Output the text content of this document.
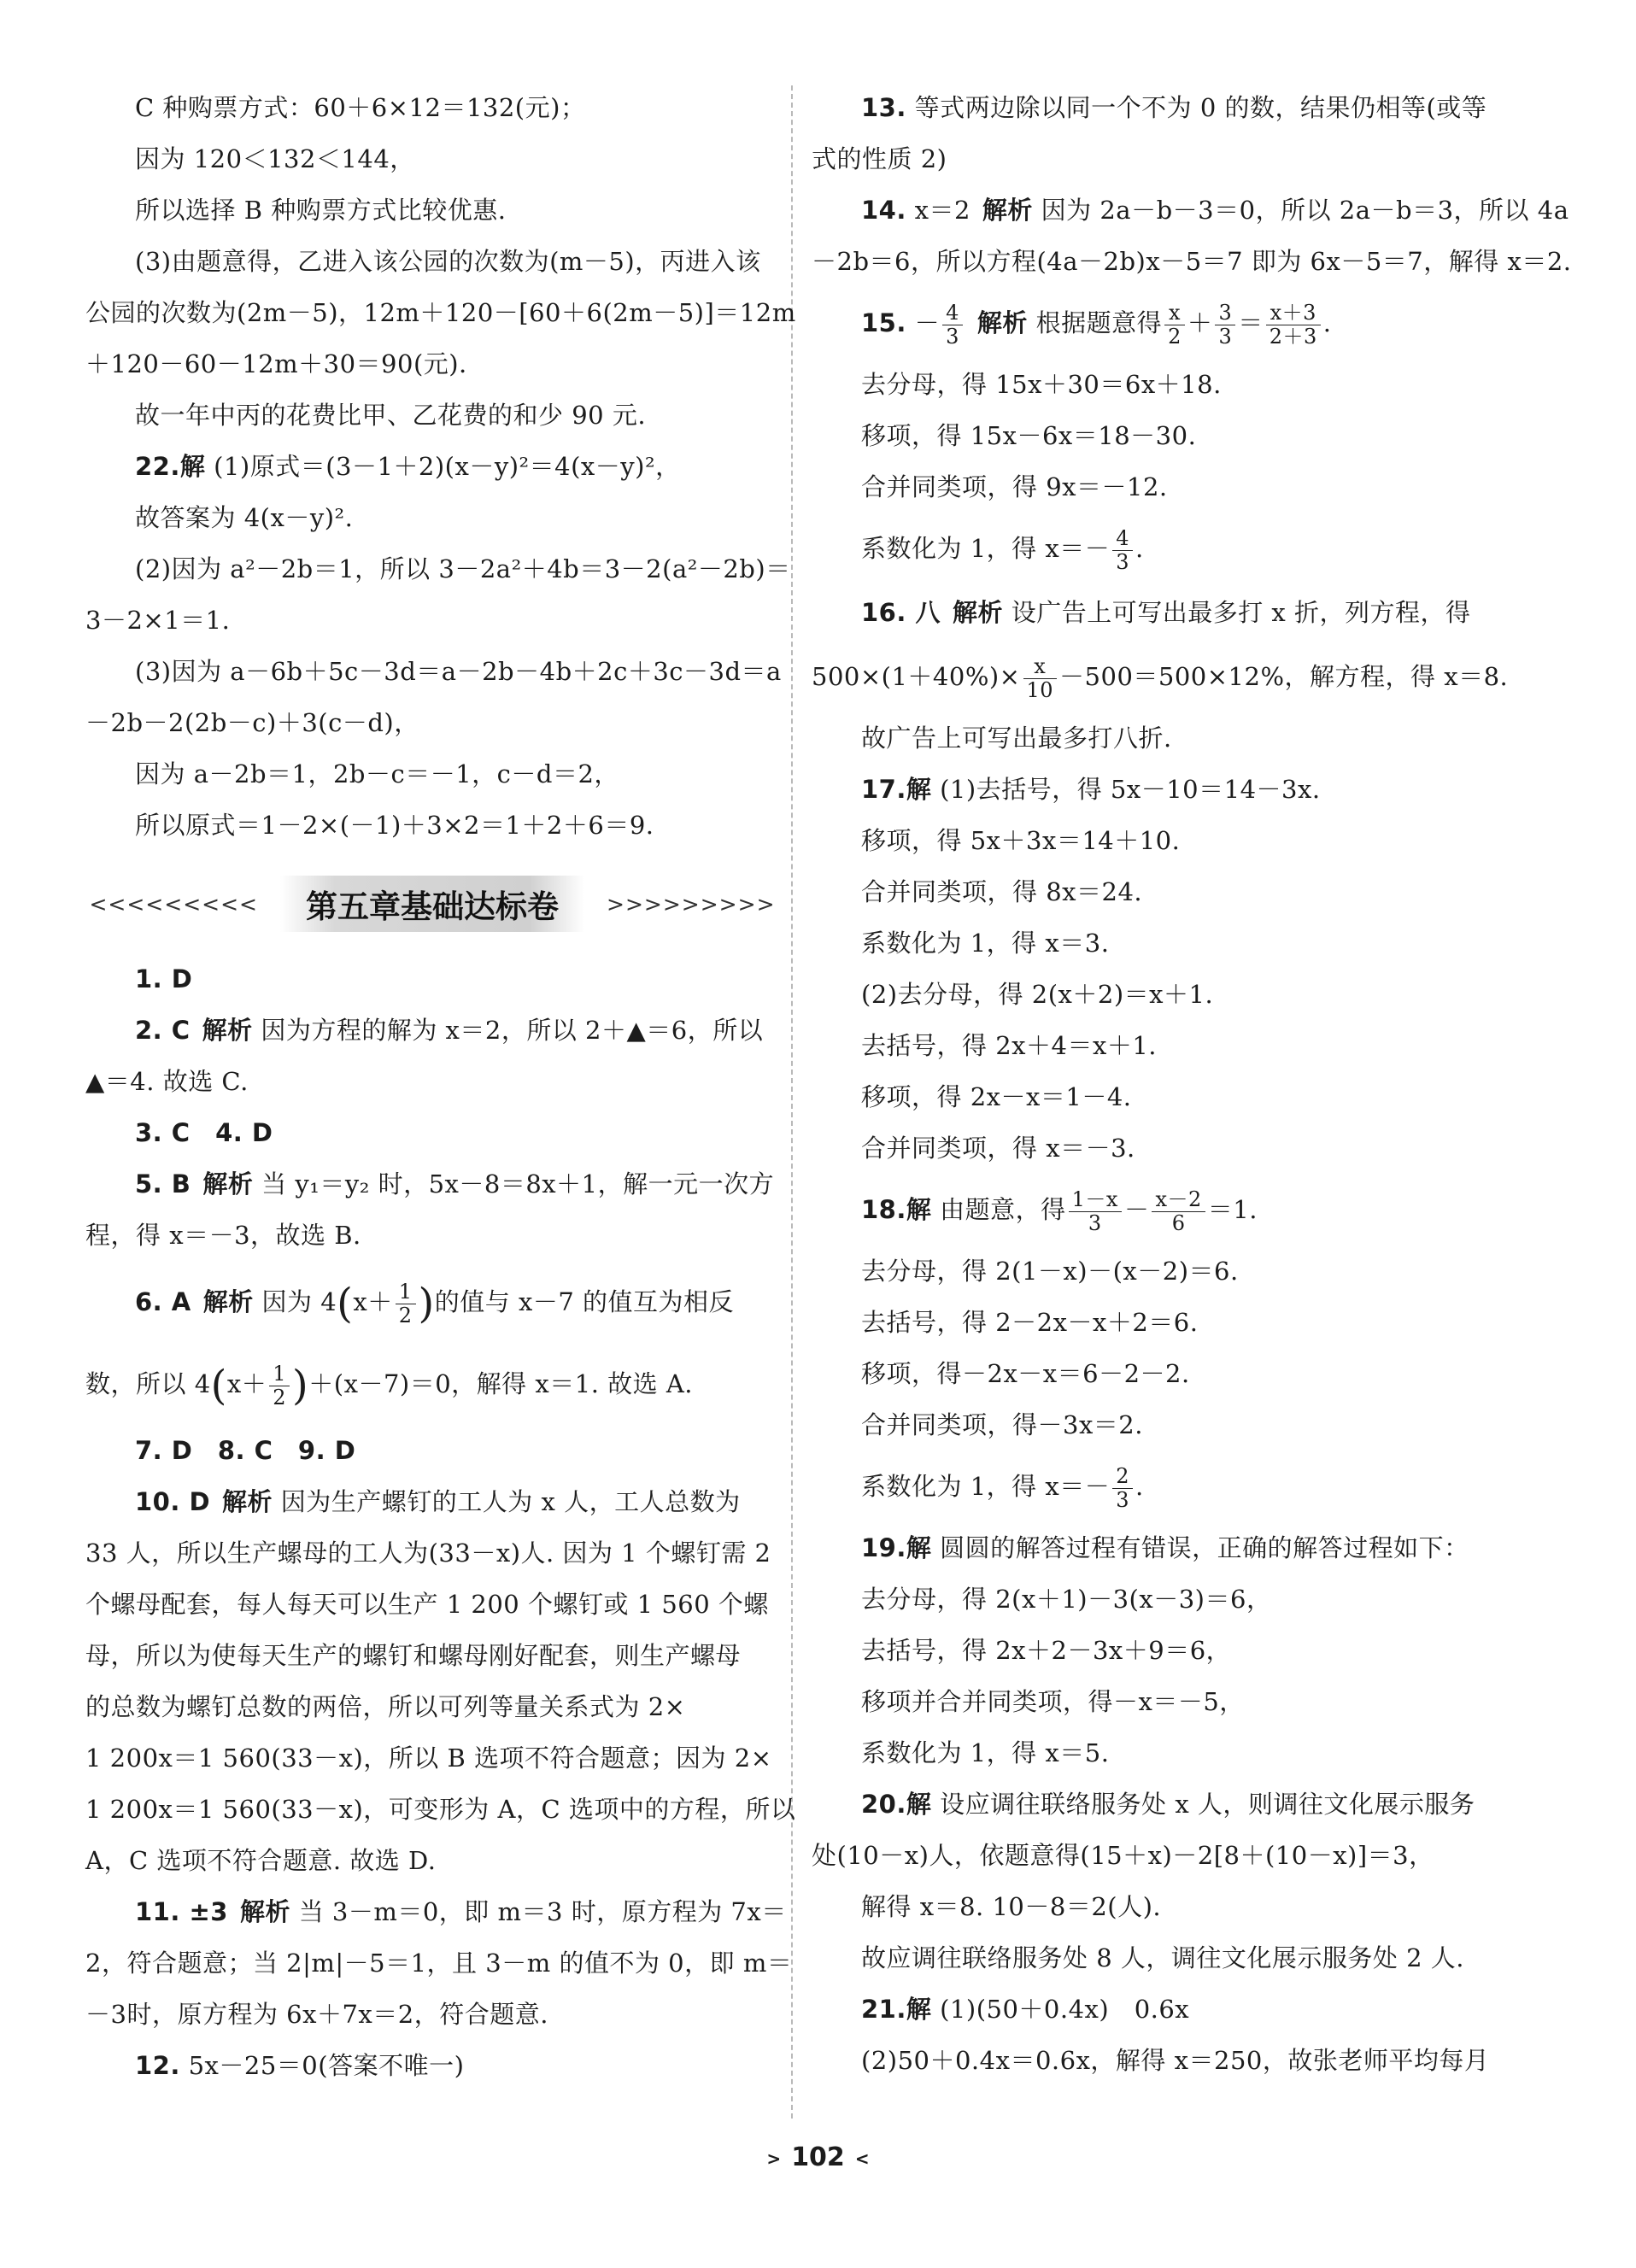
C 种购票方式：60＋6×12＝132(元)；

因为 120＜132＜144，

所以选择 B 种购票方式比较优惠.

(3)由题意得，乙进入该公园的次数为(m－5)，丙进入该

公园的次数为(2m－5)，12m＋120－[60＋6(2m－5)]＝12m

＋120－60－12m＋30＝90(元)．

故一年中丙的花费比甲、乙花费的和少 90 元.

22.解 (1)原式＝(3－1＋2)(x－y)²＝4(x－y)²，

故答案为 4(x－y)².

(2)因为 a²－2b＝1，所以 3－2a²＋4b＝3－2(a²－2b)＝

3－2×1＝1.

(3)因为 a－6b＋5c－3d＝a－2b－4b＋2c＋3c－3d＝a

－2b－2(2b－c)＋3(c－d)，

因为 a－2b＝1，2b－c＝－1，c－d＝2，

所以原式＝1－2×(－1)＋3×2＝1＋2＋6＝9.

<<<<<<<<<	第五章基础达标卷	>>>>>>>>>

1. D

2. C 解析 因为方程的解为 x＝2，所以 2＋▲＝6，所以

▲＝4. 故选 C.

3. C　4. D

5. B 解析 当 y₁＝y₂ 时，5x－8＝8x＋1，解一元一次方

程，得 x＝－3，故选 B.

6. A 解析 因为 $4(x+ \frac{1}{2}$ )的值与 x－7 的值互为相反

数，所以 $4(x+ \frac{1}{2} )+(x-7)=0$，解得 x＝1. 故选 A.

7. D　8. C　9. D

10. D 解析 因为生产螺钉的工人为 x 人，工人总数为

33 人，所以生产螺母的工人为(33－x)人. 因为 1 个螺钉需 2

个螺母配套，每人每天可以生产 1 200 个螺钉或 1 560 个螺

母，所以为使每天生产的螺钉和螺母刚好配套，则生产螺母

的总数为螺钉总数的两倍，所以可列等量关系式为 2×

1 200x＝1 560(33－x)，所以 B 选项不符合题意；因为 2×

1 200x＝1 560(33－x)，可变形为 A，C 选项中的方程，所以

A，C 选项不符合题意. 故选 D.

11. ±3 解析 当 3－m＝0，即 m＝3 时，原方程为 7x＝

2，符合题意；当 2|m|－5＝1，且 3－m 的值不为 0，即 m＝

－3时，原方程为 6x＋7x＝2，符合题意.

12. 5x－25＝0(答案不唯一)

13. 等式两边除以同一个不为 0 的数，结果仍相等(或等

式的性质 2)

14. x＝2 解析 因为 2a－b－3＝0，所以 2a－b＝3，所以 4a

－2b＝6，所以方程(4a－2b)x－5＝7 即为 6x－5＝7，解得 x＝2.

15. － $\frac{4}{3}$ 解析 根据题意得 $\frac{x}{2} + \frac{3}{3} = \frac{x+3}{2+3}$ .

去分母，得 15x＋30＝6x＋18.

移项，得 15x－6x＝18－30.

合并同类项，得 9x＝－12.

系数化为 1，得 $x=- \frac{4}{3}$ .

16. 八 解析 设广告上可写出最多打 x 折，列方程，得

$500\times(1+40\%)\times \frac{x}{10} -500=500\times 12\%$，解方程，得 x＝8.

故广告上可写出最多打八折.

17.解 (1)去括号，得 5x－10＝14－3x.

移项，得 5x＋3x＝14＋10.

合并同类项，得 8x＝24.

系数化为 1，得 x＝3.

(2)去分母，得 2(x＋2)＝x＋1.

去括号，得 2x＋4＝x＋1.

移项，得 2x－x＝1－4.

合并同类项，得 x＝－3.

18.解 由题意，得 $\frac{1-x}{3} - \frac{x-2}{6} =1$.

去分母，得 2(1－x)－(x－2)＝6.

去括号，得 2－2x－x＋2＝6.

移项，得－2x－x＝6－2－2.

合并同类项，得－3x＝2.

系数化为 1，得 $x=- \frac{2}{3}$ .

19.解 圆圆的解答过程有错误，正确的解答过程如下：

去分母，得 2(x＋1)－3(x－3)＝6，

去括号，得 2x＋2－3x＋9＝6，

移项并合并同类项，得－x＝－5，

系数化为 1，得 x＝5.

20.解 设应调往联络服务处 x 人，则调往文化展示服务

处(10－x)人，依题意得(15＋x)－2[8＋(10－x)]＝3，

解得 x＝8. 10－8＝2(人).

故应调往联络服务处 8 人，调往文化展示服务处 2 人.

21.解 (1)(50＋0.4x)　0.6x

(2)50＋0.4x＝0.6x，解得 x＝250，故张老师平均每月

> 102 <
